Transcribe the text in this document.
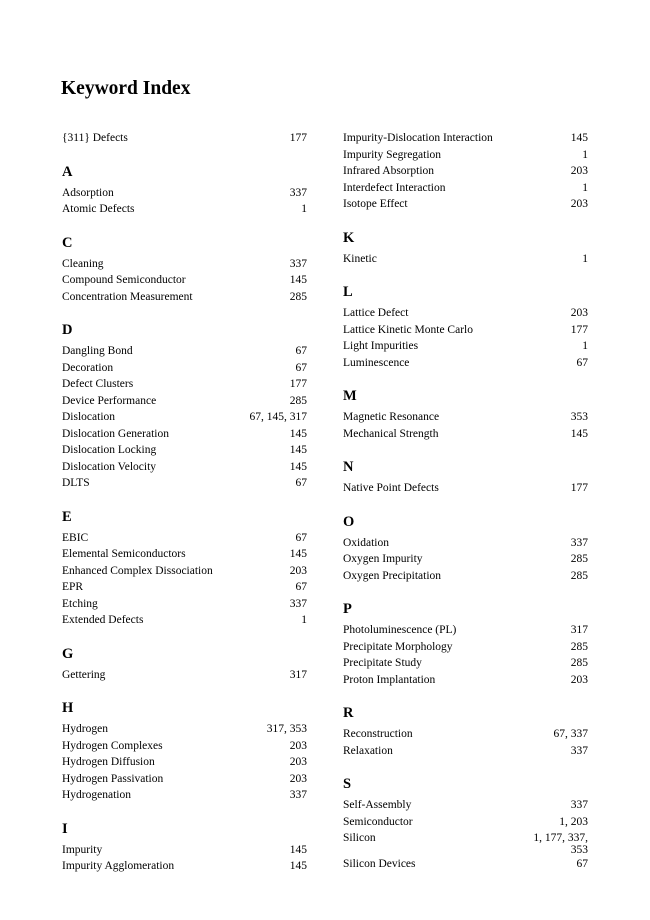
Keyword Index
{311} Defects	177
A
Adsorption	337
Atomic Defects	1
C
Cleaning	337
Compound Semiconductor	145
Concentration Measurement	285
D
Dangling Bond	67
Decoration	67
Defect Clusters	177
Device Performance	285
Dislocation	67, 145, 317
Dislocation Generation	145
Dislocation Locking	145
Dislocation Velocity	145
DLTS	67
E
EBIC	67
Elemental Semiconductors	145
Enhanced Complex Dissociation	203
EPR	67
Etching	337
Extended Defects	1
G
Gettering	317
H
Hydrogen	317, 353
Hydrogen Complexes	203
Hydrogen Diffusion	203
Hydrogen Passivation	203
Hydrogenation	337
I
Impurity	145
Impurity Agglomeration	145
Impurity-Dislocation Interaction	145
Impurity Segregation	1
Infrared Absorption	203
Interdefect Interaction	1
Isotope Effect	203
K
Kinetic	1
L
Lattice Defect	203
Lattice Kinetic Monte Carlo	177
Light Impurities	1
Luminescence	67
M
Magnetic Resonance	353
Mechanical Strength	145
N
Native Point Defects	177
O
Oxidation	337
Oxygen Impurity	285
Oxygen Precipitation	285
P
Photoluminescence (PL)	317
Precipitate Morphology	285
Precipitate Study	285
Proton Implantation	203
R
Reconstruction	67, 337
Relaxation	337
S
Self-Assembly	337
Semiconductor	1, 203
Silicon	1, 177, 337, 353
Silicon Devices	67
